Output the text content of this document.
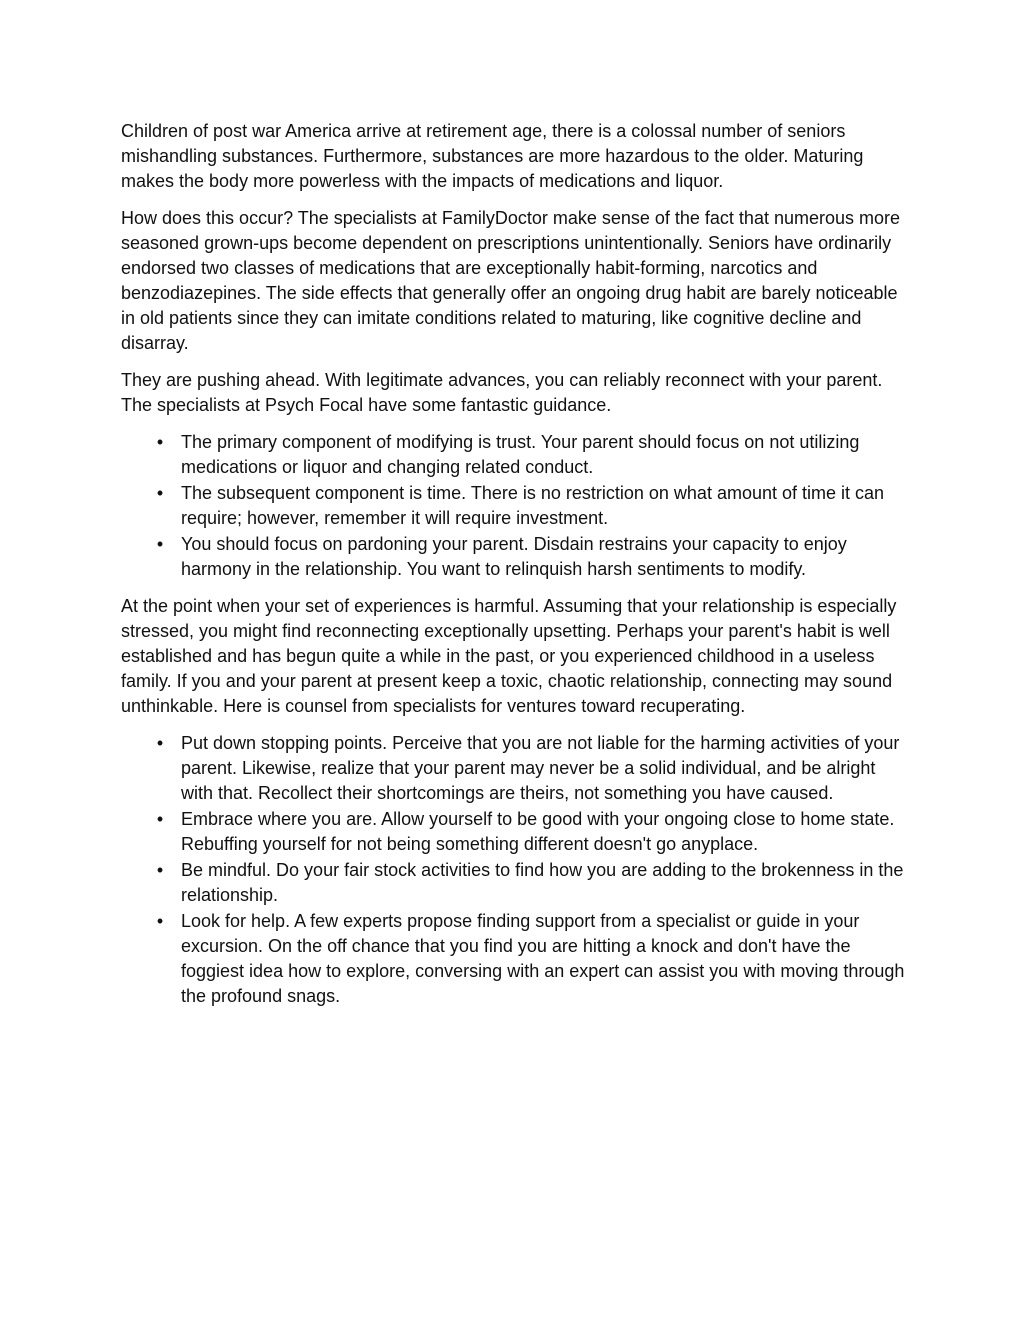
Children of post war America arrive at retirement age, there is a colossal number of seniors mishandling substances. Furthermore, substances are more hazardous to the older. Maturing makes the body more powerless with the impacts of medications and liquor.

How does this occur? The specialists at FamilyDoctor make sense of the fact that numerous more seasoned grown-ups become dependent on prescriptions unintentionally. Seniors have ordinarily endorsed two classes of medications that are exceptionally habit-forming, narcotics and benzodiazepines. The side effects that generally offer an ongoing drug habit are barely noticeable in old patients since they can imitate conditions related to maturing, like cognitive decline and disarray.

They are pushing ahead. With legitimate advances, you can reliably reconnect with your parent. The specialists at Psych Focal have some fantastic guidance.

• The primary component of modifying is trust. Your parent should focus on not utilizing medications or liquor and changing related conduct.
• The subsequent component is time. There is no restriction on what amount of time it can require; however, remember it will require investment.
• You should focus on pardoning your parent. Disdain restrains your capacity to enjoy harmony in the relationship. You want to relinquish harsh sentiments to modify.

At the point when your set of experiences is harmful. Assuming that your relationship is especially stressed, you might find reconnecting exceptionally upsetting. Perhaps your parent's habit is well established and has begun quite a while in the past, or you experienced childhood in a useless family. If you and your parent at present keep a toxic, chaotic relationship, connecting may sound unthinkable. Here is counsel from specialists for ventures toward recuperating.

• Put down stopping points. Perceive that you are not liable for the harming activities of your parent. Likewise, realize that your parent may never be a solid individual, and be alright with that. Recollect their shortcomings are theirs, not something you have caused.
• Embrace where you are. Allow yourself to be good with your ongoing close to home state. Rebuffing yourself for not being something different doesn't go anyplace.
• Be mindful. Do your fair stock activities to find how you are adding to the brokenness in the relationship.
• Look for help. A few experts propose finding support from a specialist or guide in your excursion. On the off chance that you find you are hitting a knock and don't have the foggiest idea how to explore, conversing with an expert can assist you with moving through the profound snags.
